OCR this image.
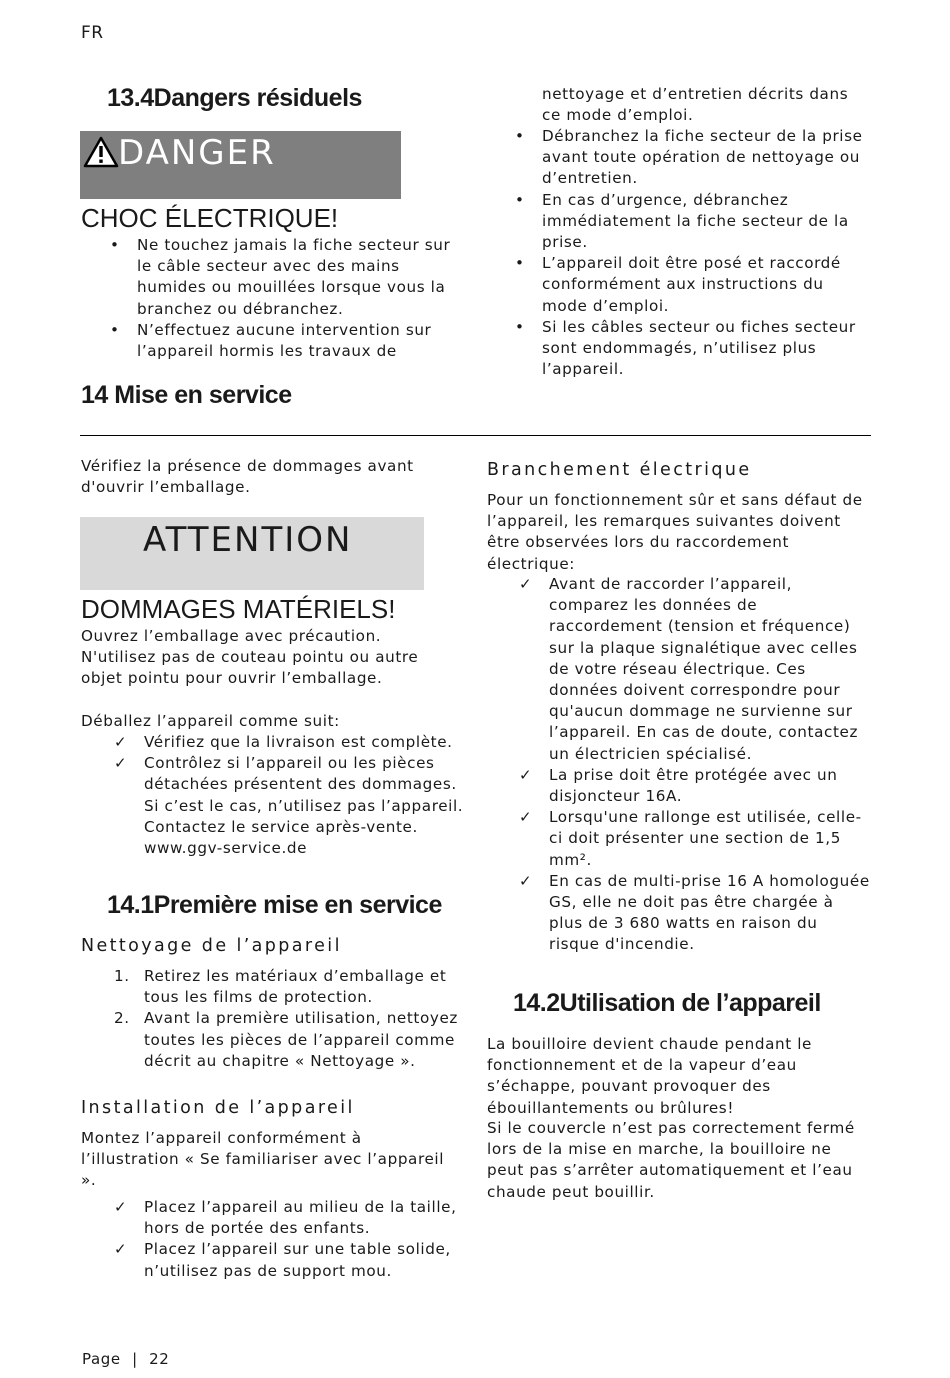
FR
13.4Dangers résiduels
DANGER
CHOC ÉLECTRIQUE!
• Ne touchez jamais la fiche secteur sur le câble secteur avec des mains humides ou mouillées lorsque vous la branchez ou débranchez.
• N’effectuez aucune intervention sur l’appareil hormis les travaux de
nettoyage et d’entretien décrits dans ce mode d’emploi.
• Débranchez la fiche secteur de la prise avant toute opération de nettoyage ou d’entretien.
• En cas d’urgence, débranchez immédiatement la fiche secteur de la prise.
• L’appareil doit être posé et raccordé conformément aux instructions du mode d’emploi.
• Si les câbles secteur ou fiches secteur sont endommagés, n’utilisez plus l’appareil.
14 Mise en service
Vérifiez la présence de dommages avant d'ouvrir l’emballage.
ATTENTION
DOMMAGES MATÉRIELS!
Ouvrez l’emballage avec précaution. N'utilisez pas de couteau pointu ou autre objet pointu pour ouvrir l’emballage.
Déballez l’appareil comme suit:
✓ Vérifiez que la livraison est complète.
✓ Contrôlez si l’appareil ou les pièces détachées présentent des dommages. Si c’est le cas, n’utilisez pas l’appareil. Contactez le service après-vente. www.ggv-service.de
14.1Première mise en service
Nettoyage de l’appareil
Retirez les matériaux d’emballage et tous les films de protection.
Avant la première utilisation, nettoyez toutes les pièces de l’appareil comme décrit au chapitre « Nettoyage ».
Installation de l’appareil
Montez l’appareil conformément à l’illustration « Se familiariser avec l’appareil ».
✓ Placez l’appareil au milieu de la taille, hors de portée des enfants.
✓ Placez l’appareil sur une table solide, n’utilisez pas de support mou.
Branchement électrique
Pour un fonctionnement sûr et sans défaut de l’appareil, les remarques suivantes doivent être observées lors du raccordement électrique:
✓ Avant de raccorder l’appareil, comparez les données de raccordement (tension et fréquence) sur la plaque signalétique avec celles de votre réseau électrique. Ces données doivent correspondre pour qu'aucun dommage ne survienne sur l’appareil. En cas de doute, contactez un électricien spécialisé.
✓ La prise doit être protégée avec un disjoncteur 16A.
✓ Lorsqu'une rallonge est utilisée, celle-ci doit présenter une section de 1,5 mm².
✓ En cas de multi-prise 16 A homologuée GS, elle ne doit pas être chargée à plus de 3 680 watts en raison du risque d'incendie.
14.2Utilisation de l’appareil
La bouilloire devient chaude pendant le fonctionnement et de la vapeur d’eau s’échappe, pouvant provoquer des ébouillantements ou brûlures!
Si le couvercle n’est pas correctement fermé lors de la mise en marche, la bouilloire ne peut pas s’arrêter automatiquement et l’eau chaude peut bouillir.
Page | 22
